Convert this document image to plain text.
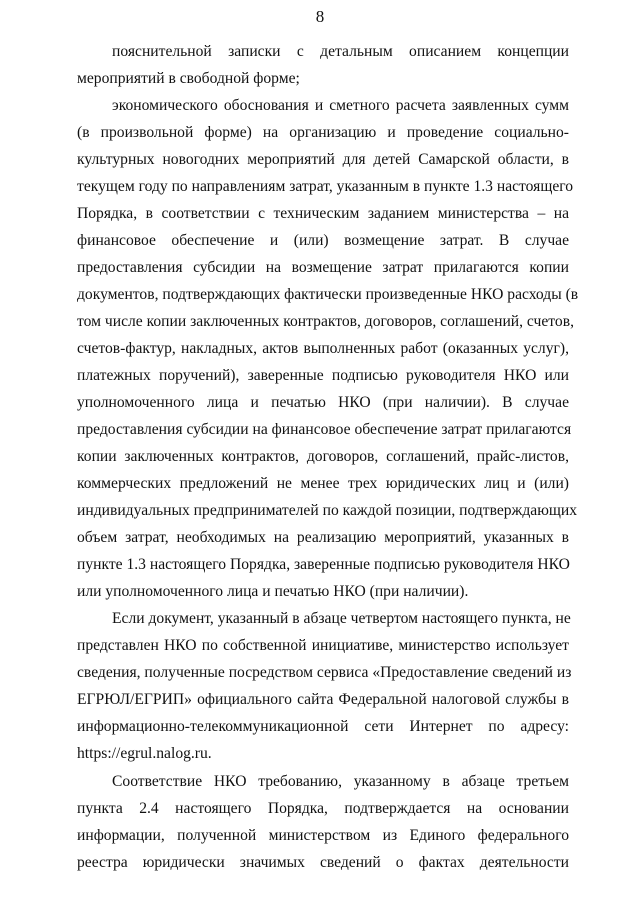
8
пояснительной записки с детальным описанием концепции
мероприятий в свободной форме;
экономического обоснования и сметного расчета заявленных сумм
(в произвольной форме) на организацию и проведение социально-
культурных новогодних мероприятий для детей Самарской области, в
текущем году по направлениям затрат, указанным в пункте 1.3 настоящего
Порядка, в соответствии с техническим заданием министерства – на
финансовое обеспечение и (или) возмещение затрат. В случае
предоставления субсидии на возмещение затрат прилагаются копии
документов, подтверждающих фактически произведенные НКО расходы (в
том числе копии заключенных контрактов, договоров, соглашений, счетов,
счетов-фактур, накладных, актов выполненных работ (оказанных услуг),
платежных поручений), заверенные подписью руководителя НКО или
уполномоченного лица и печатью НКО (при наличии). В случае
предоставления субсидии на финансовое обеспечение затрат прилагаются
копии заключенных контрактов, договоров, соглашений, прайс-листов,
коммерческих предложений не менее трех юридических лиц и (или)
индивидуальных предпринимателей по каждой позиции, подтверждающих
объем затрат, необходимых на реализацию мероприятий, указанных в
пункте 1.3 настоящего Порядка, заверенные подписью руководителя НКО
или уполномоченного лица и печатью НКО (при наличии).
Если документ, указанный в абзаце четвертом настоящего пункта, не
представлен НКО по собственной инициативе, министерство использует
сведения, полученные посредством сервиса «Предоставление сведений из
ЕГРЮЛ/ЕГРИП» официального сайта Федеральной налоговой службы в
информационно-телекоммуникационной сети Интернет по адресу:
https://egrul.nalog.ru.
Соответствие НКО требованию, указанному в абзаце третьем
пункта 2.4 настоящего Порядка, подтверждается на основании
информации, полученной министерством из Единого федерального
реестра юридически значимых сведений о фактах деятельности
